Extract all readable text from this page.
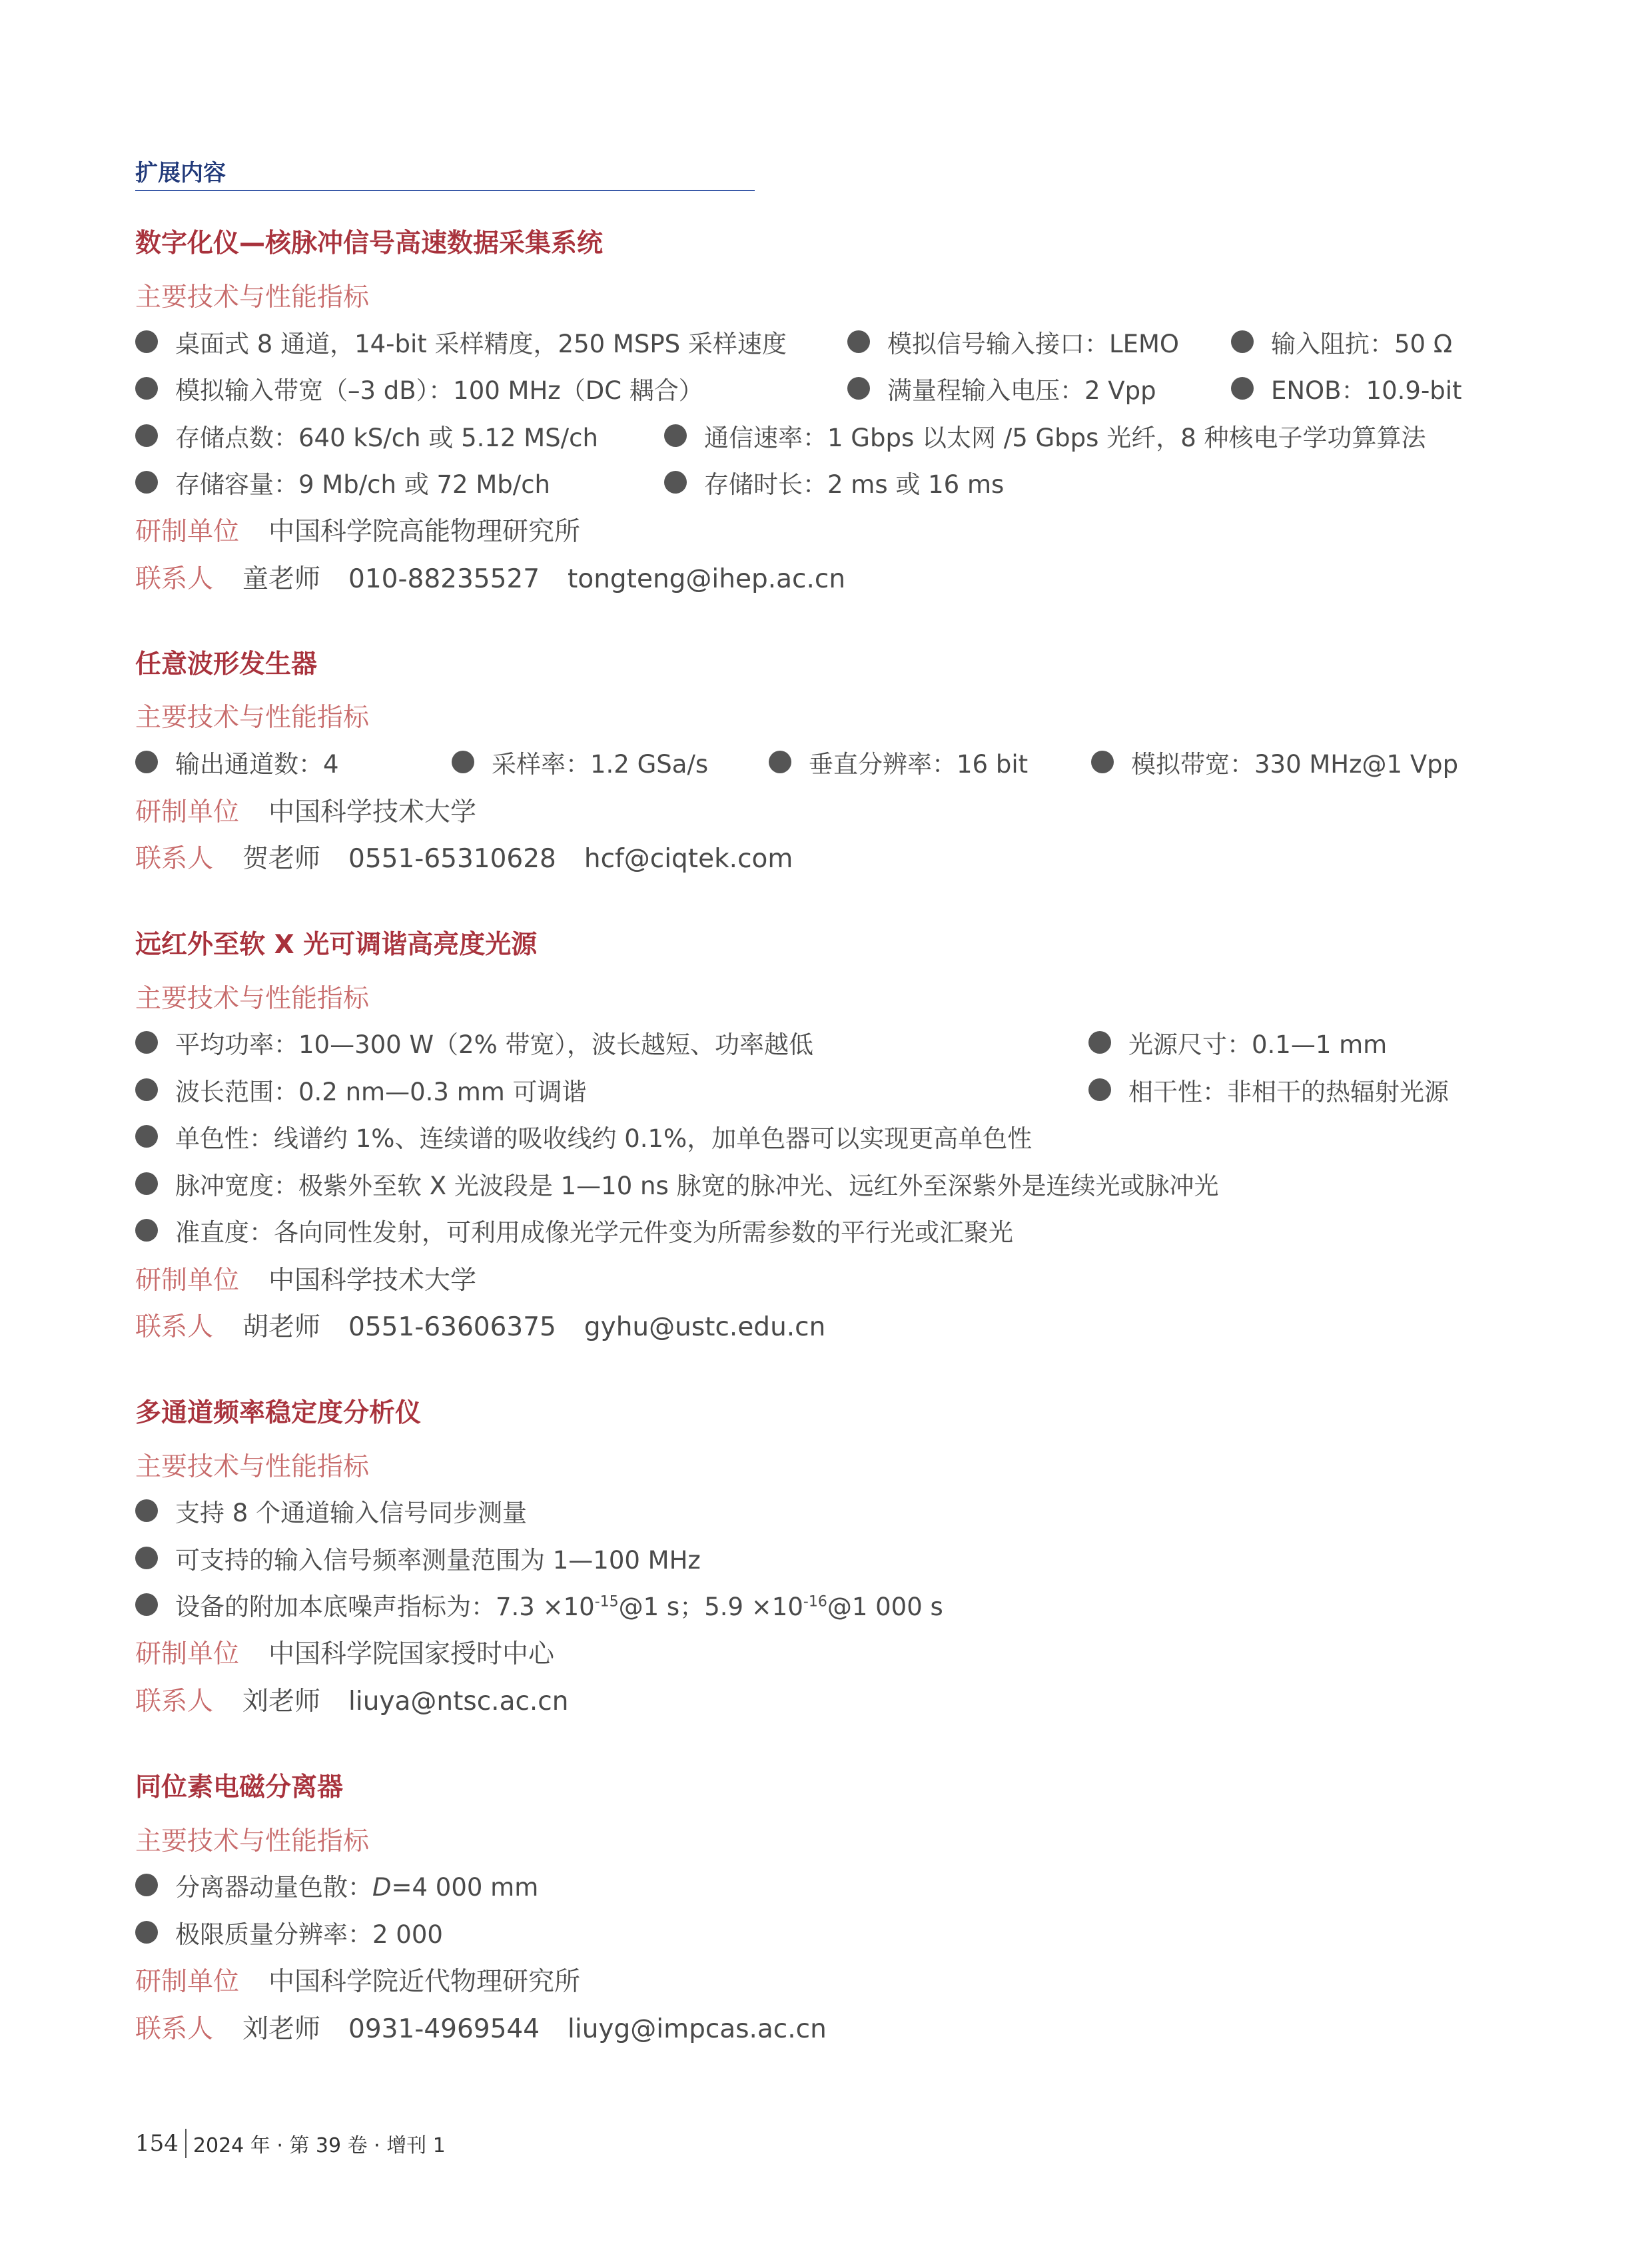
扩展内容
数字化仪—核脉冲信号高速数据采集系统
主要技术与性能指标
桌面式 8 通道，14-bit 采样精度，250 MSPS 采样速度	模拟信号输入接口：LEMO	输入阻抗：50 Ω
模拟输入带宽（–3 dB）：100 MHz（DC 耦合）	满量程输入电压：2 Vpp	ENOB：10.9-bit
存储点数：640 kS/ch 或 5.12 MS/ch	通信速率：1 Gbps 以太网 /5 Gbps 光纤，8 种核电子学功算算法
存储容量：9 Mb/ch 或 72 Mb/ch	存储时长：2 ms 或 16 ms
研制单位 中国科学院高能物理研究所
联系人 童老师 010-88235527 tongteng@ihep.ac.cn
任意波形发生器
主要技术与性能指标
输出通道数：4	采样率：1.2 GSa/s	垂直分辨率：16 bit	模拟带宽：330 MHz@1 Vpp
研制单位 中国科学技术大学
联系人 贺老师 0551-65310628 hcf@ciqtek.com
远红外至软 X 光可调谐高亮度光源
主要技术与性能指标
平均功率：10—300 W（2% 带宽），波长越短、功率越低	光源尺寸：0.1—1 mm
波长范围：0.2 nm—0.3 mm 可调谐	相干性：非相干的热辐射光源
单色性：线谱约 1%、连续谱的吸收线约 0.1%，加单色器可以实现更高单色性
脉冲宽度：极紫外至软 X 光波段是 1—10 ns 脉宽的脉冲光、远红外至深紫外是连续光或脉冲光
准直度：各向同性发射，可利用成像光学元件变为所需参数的平行光或汇聚光
研制单位 中国科学技术大学
联系人 胡老师 0551-63606375 gyhu@ustc.edu.cn
多通道频率稳定度分析仪
主要技术与性能指标
支持 8 个通道输入信号同步测量
可支持的输入信号频率测量范围为 1—100 MHz
设备的附加本底噪声指标为：$7.3 \times 10^{-15}@1$ s；$5.9 \times 10^{-16}@1$ 000 s
研制单位 中国科学院国家授时中心
联系人 刘老师 liuya@ntsc.ac.cn
同位素电磁分离器
主要技术与性能指标
分离器动量色散：D=4 000 mm
极限质量分辨率：2 000
研制单位 中国科学院近代物理研究所
联系人 刘老师 0931-4969544 liuyg@impcas.ac.cn
154 2024 年 · 第 39 卷 · 增刊 1
